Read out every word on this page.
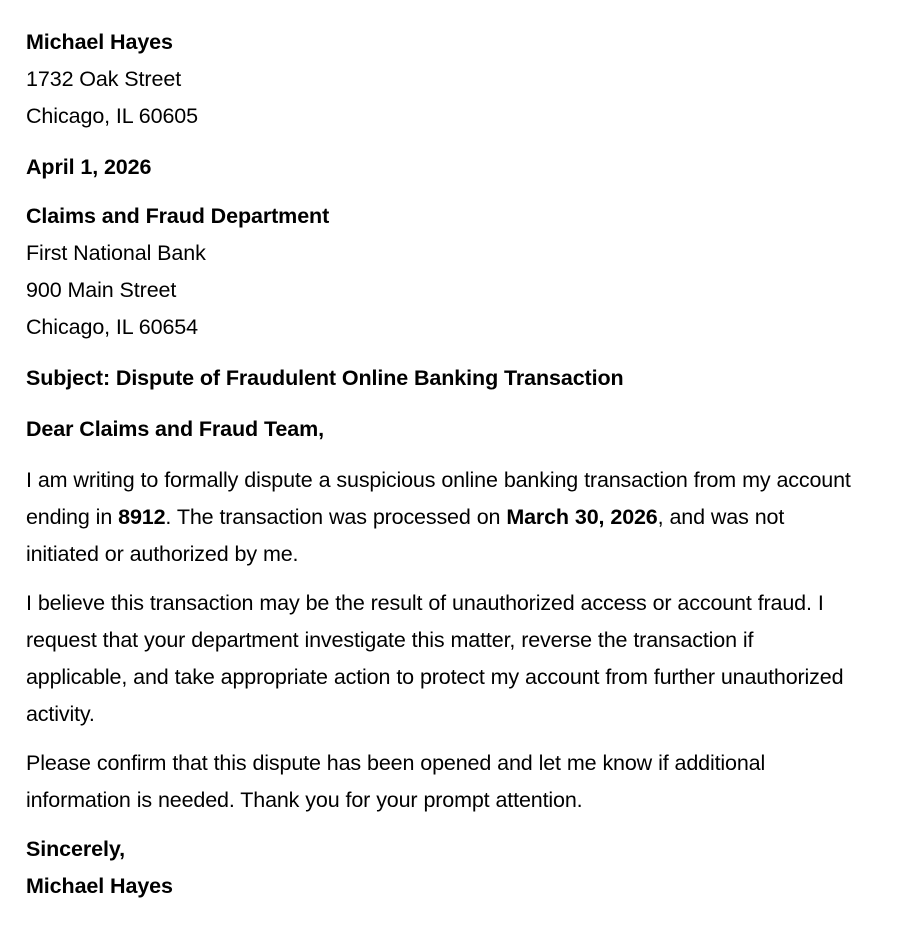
Michael Hayes
1732 Oak Street
Chicago, IL 60605
April 1, 2026
Claims and Fraud Department
First National Bank
900 Main Street
Chicago, IL 60654
Subject: Dispute of Fraudulent Online Banking Transaction
Dear Claims and Fraud Team,

I am writing to formally dispute a suspicious online banking transaction from my account ending in 8912. The transaction was processed on March 30, 2026, and was not initiated or authorized by me.

I believe this transaction may be the result of unauthorized access or account fraud. I request that your department investigate this matter, reverse the transaction if applicable, and take appropriate action to protect my account from further unauthorized activity.

Please confirm that this dispute has been opened and let me know if additional information is needed. Thank you for your prompt attention.

Sincerely,
Michael Hayes
